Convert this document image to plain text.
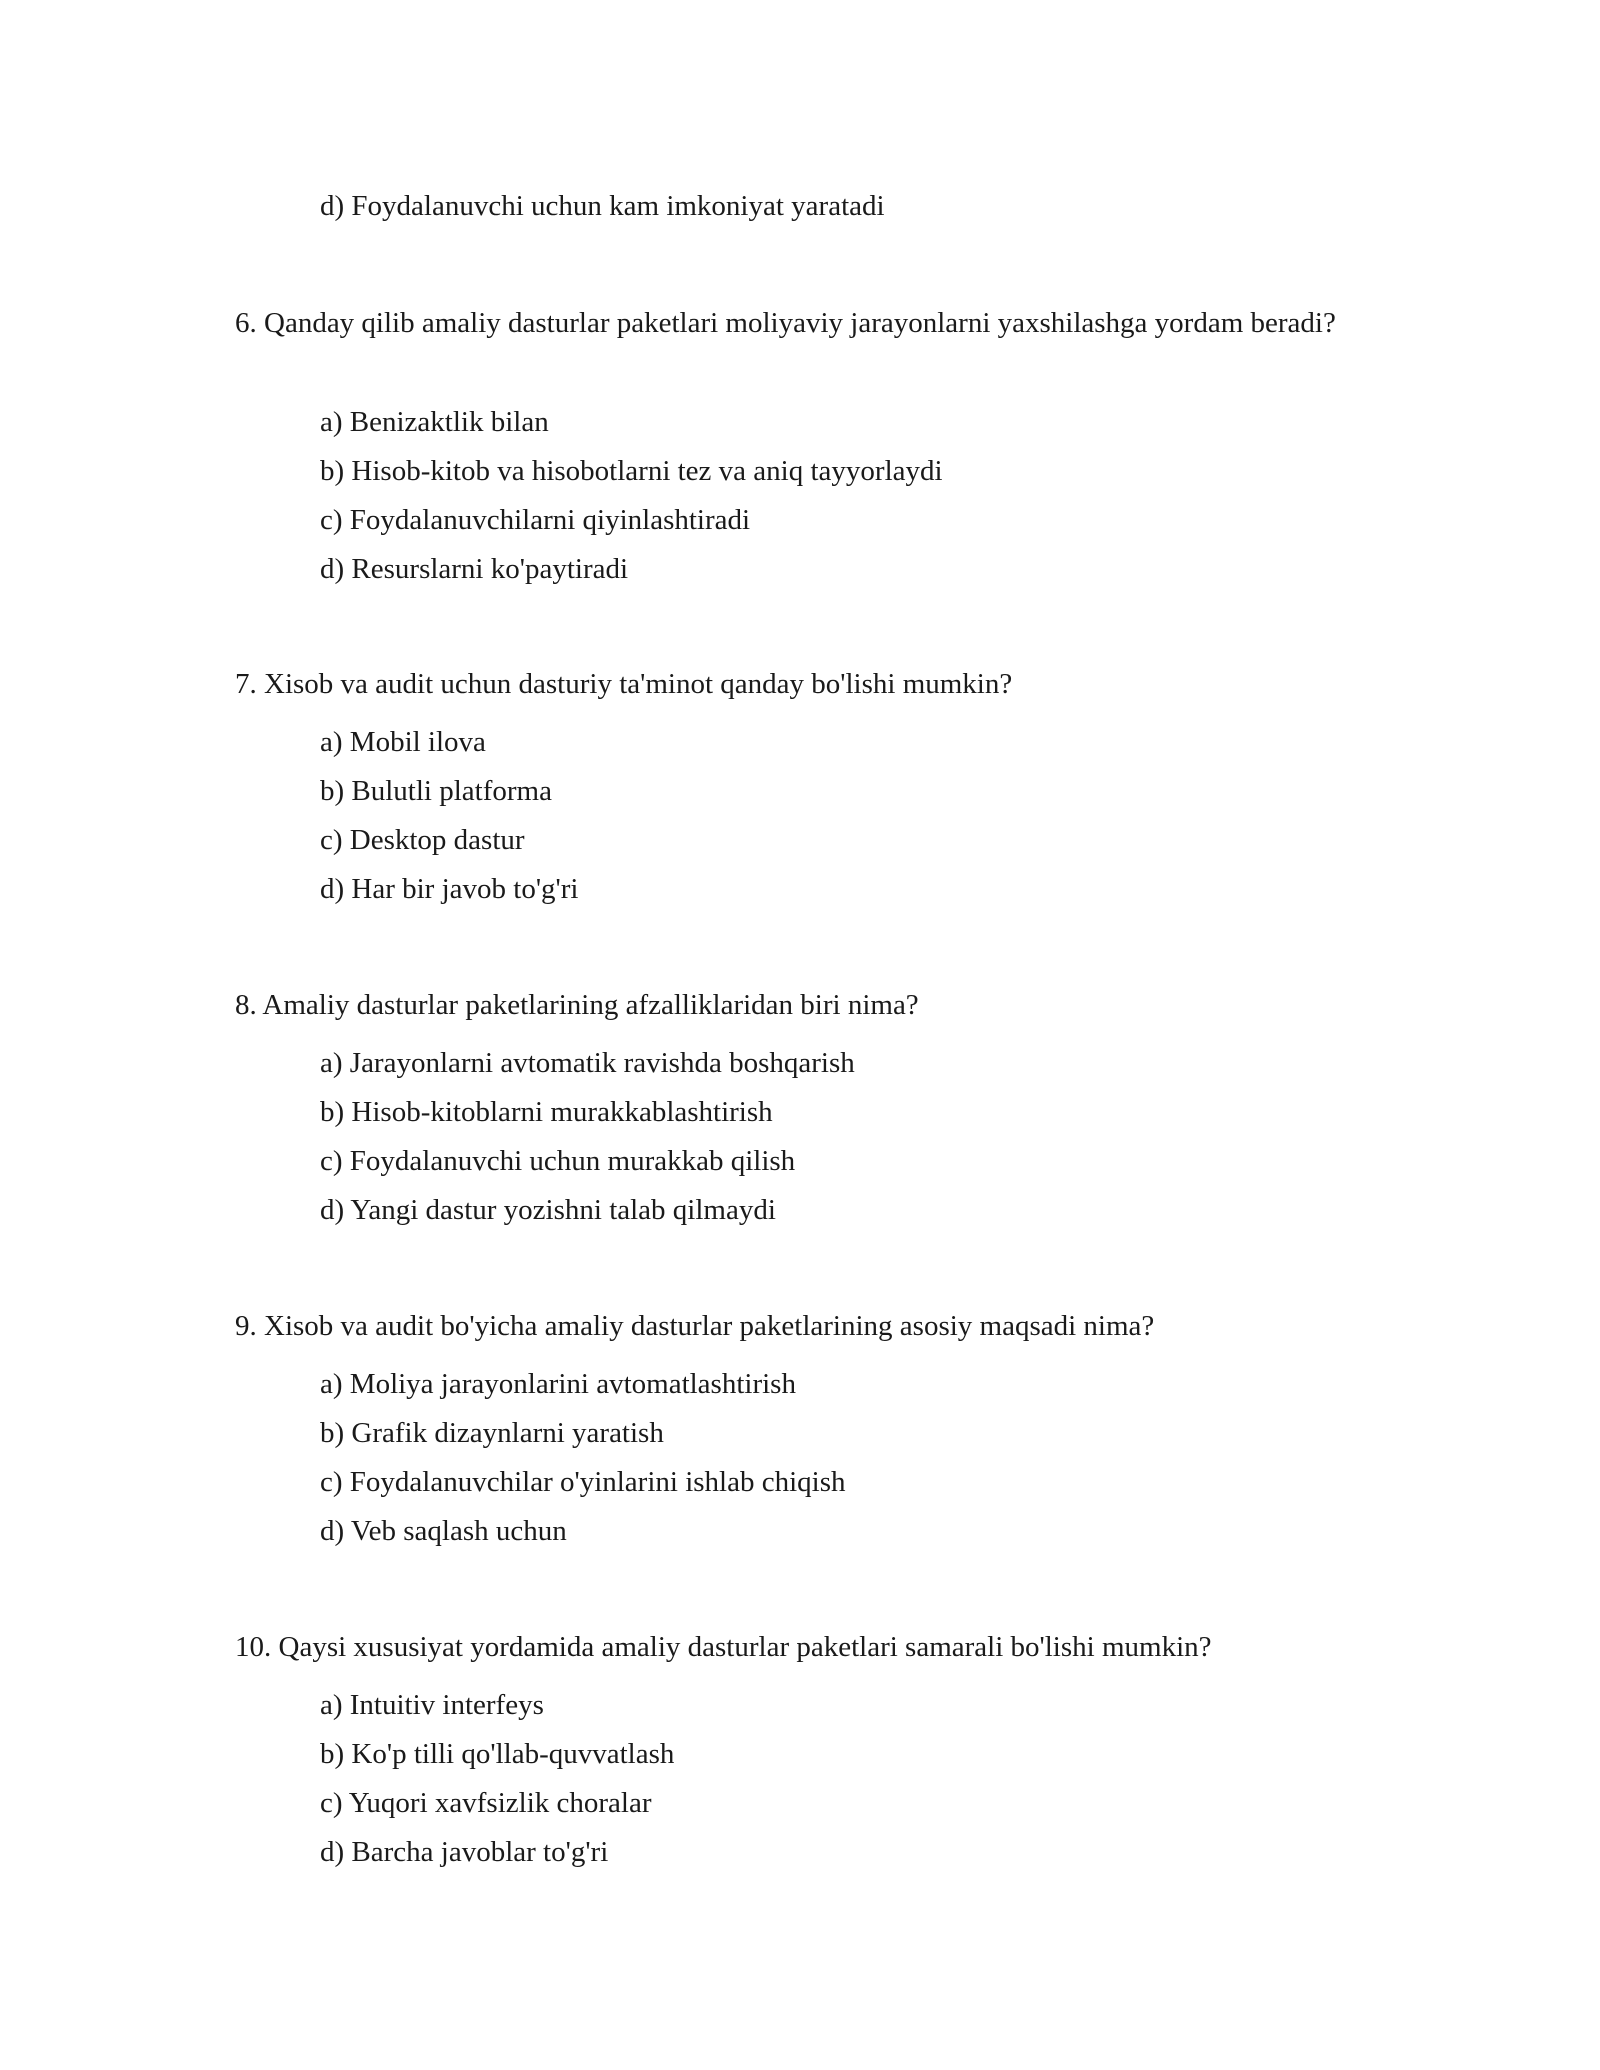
d) Foydalanuvchi uchun kam imkoniyat yaratadi
6. Qanday qilib amaliy dasturlar paketlari moliyaviy jarayonlarni yaxshilashga yordam beradi?
a) Benizaktlik bilan
b) Hisob-kitob va hisobotlarni tez va aniq tayyorlaydi
c) Foydalanuvchilarni qiyinlashtiradi
d) Resurslarni ko'paytiradi
7. Xisob va audit uchun dasturiy ta'minot qanday bo'lishi mumkin?
a) Mobil ilova
b) Bulutli platforma
c) Desktop dastur
d) Har bir javob to'g'ri
8. Amaliy dasturlar paketlarining afzalliklaridan biri nima?
a) Jarayonlarni avtomatik ravishda boshqarish
b) Hisob-kitoblarni murakkablashtirish
c) Foydalanuvchi uchun murakkab qilish
d) Yangi dastur yozishni talab qilmaydi
9. Xisob va audit bo'yicha amaliy dasturlar paketlarining asosiy maqsadi nima?
a) Moliya jarayonlarini avtomatlashtirish
b) Grafik dizaynlarni yaratish
c) Foydalanuvchilar o'yinlarini ishlab chiqish
d) Veb saqlash uchun
10. Qaysi xususiyat yordamida amaliy dasturlar paketlari samarali bo'lishi mumkin?
a) Intuitiv interfeys
b) Ko'p tilli qo'llab-quvvatlash
c) Yuqori xavfsizlik choralar
d) Barcha javoblar to'g'ri
